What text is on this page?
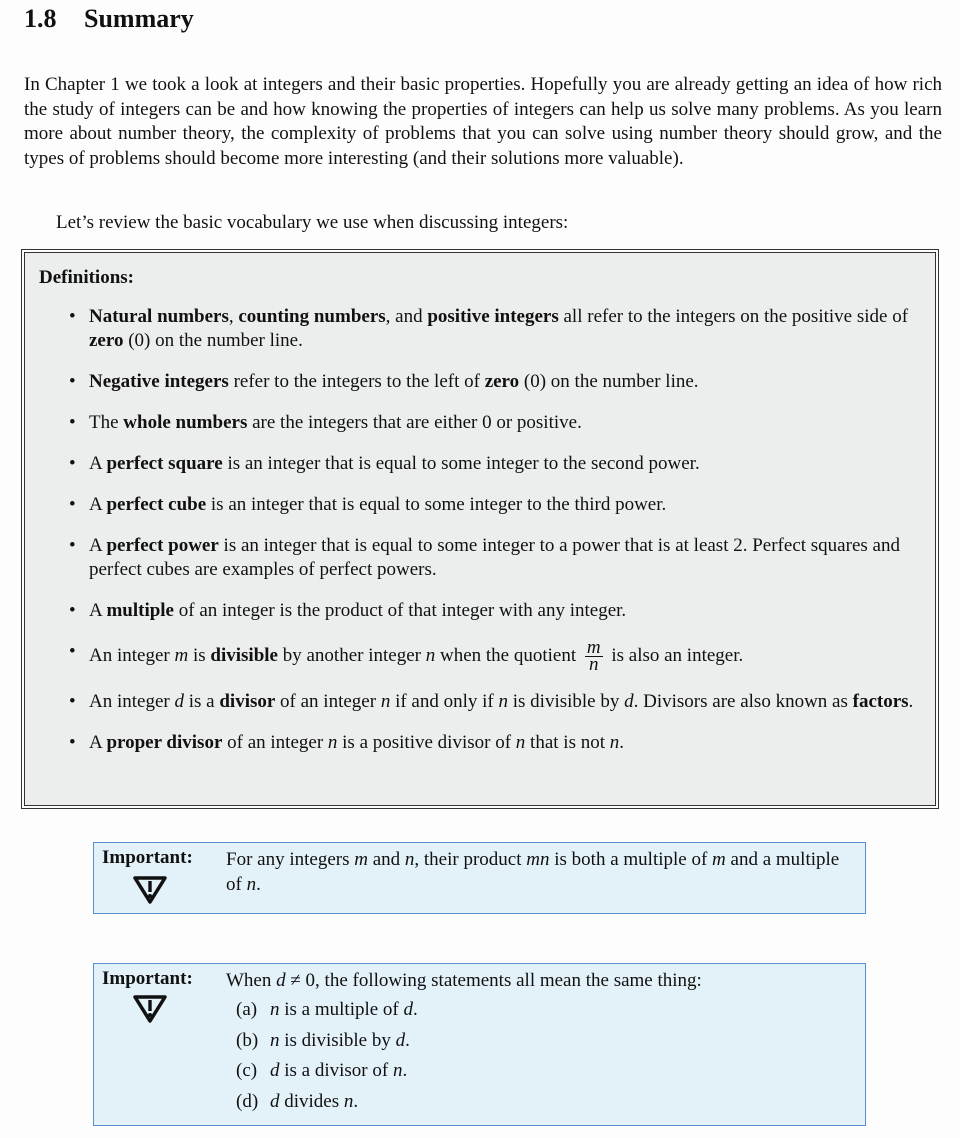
1.8 Summary

In Chapter 1 we took a look at integers and their basic properties. Hopefully you are already getting an idea of how rich the study of integers can be and how knowing the properties of integers can help us solve many problems. As you learn more about number theory, the complexity of problems that you can solve using number theory should grow, and the types of problems should become more interesting (and their solutions more valuable).

Let’s review the basic vocabulary we use when discussing integers:

Definitions:
• Natural numbers, counting numbers, and positive integers all refer to the integers on the positive side of zero (0) on the number line.
• Negative integers refer to the integers to the left of zero (0) on the number line.
• The whole numbers are the integers that are either 0 or positive.
• A perfect square is an integer that is equal to some integer to the second power.
• A perfect cube is an integer that is equal to some integer to the third power.
• A perfect power is an integer that is equal to some integer to a power that is at least 2. Perfect squares and perfect cubes are examples of perfect powers.
• A multiple of an integer is the product of that integer with any integer.
• An integer m is divisible by another integer n when the quotient $\frac{m}{n}$ is also an integer.
• An integer d is a divisor of an integer n if and only if n is divisible by d. Divisors are also known as factors.
• A proper divisor of an integer n is a positive divisor of n that is not n.
Important: For any integers m and n, their product mn is both a multiple of m and a multiple of n.
Important: When d ≠ 0, the following statements all mean the same thing:
(a) n is a multiple of d.
(b) n is divisible by d.
(c) d is a divisor of n.
(d) d divides n.
